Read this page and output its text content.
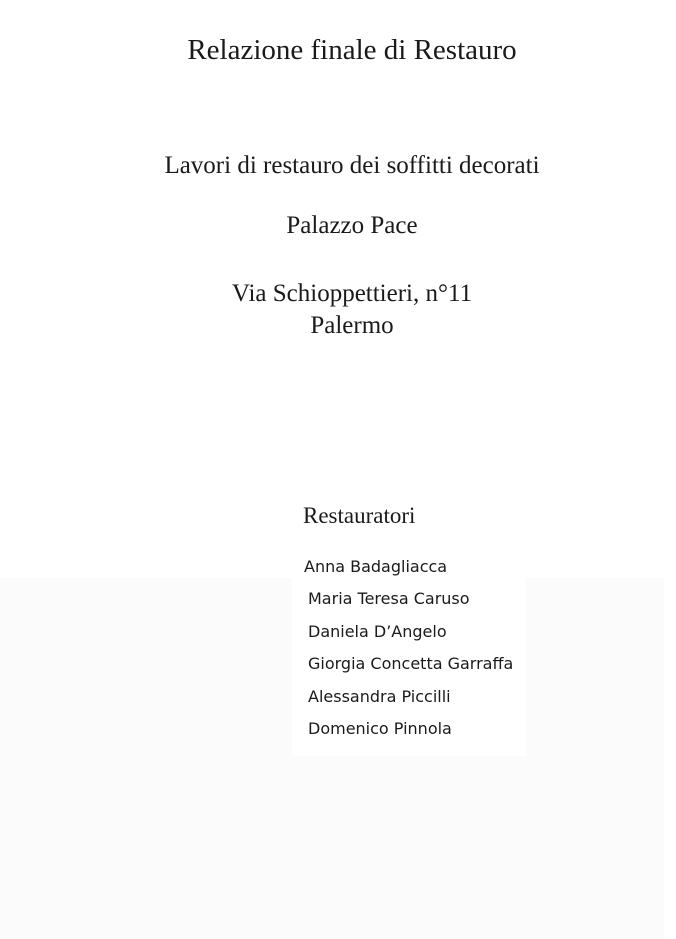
Relazione finale di Restauro
Lavori di restauro dei soffitti decorati
Palazzo Pace
Via Schioppettieri, n°11
Palermo
Restauratori
Anna Badagliacca
Maria Teresa Caruso
Daniela D’Angelo
Giorgia Concetta Garraffa
Alessandra Piccilli
Domenico Pinnola
